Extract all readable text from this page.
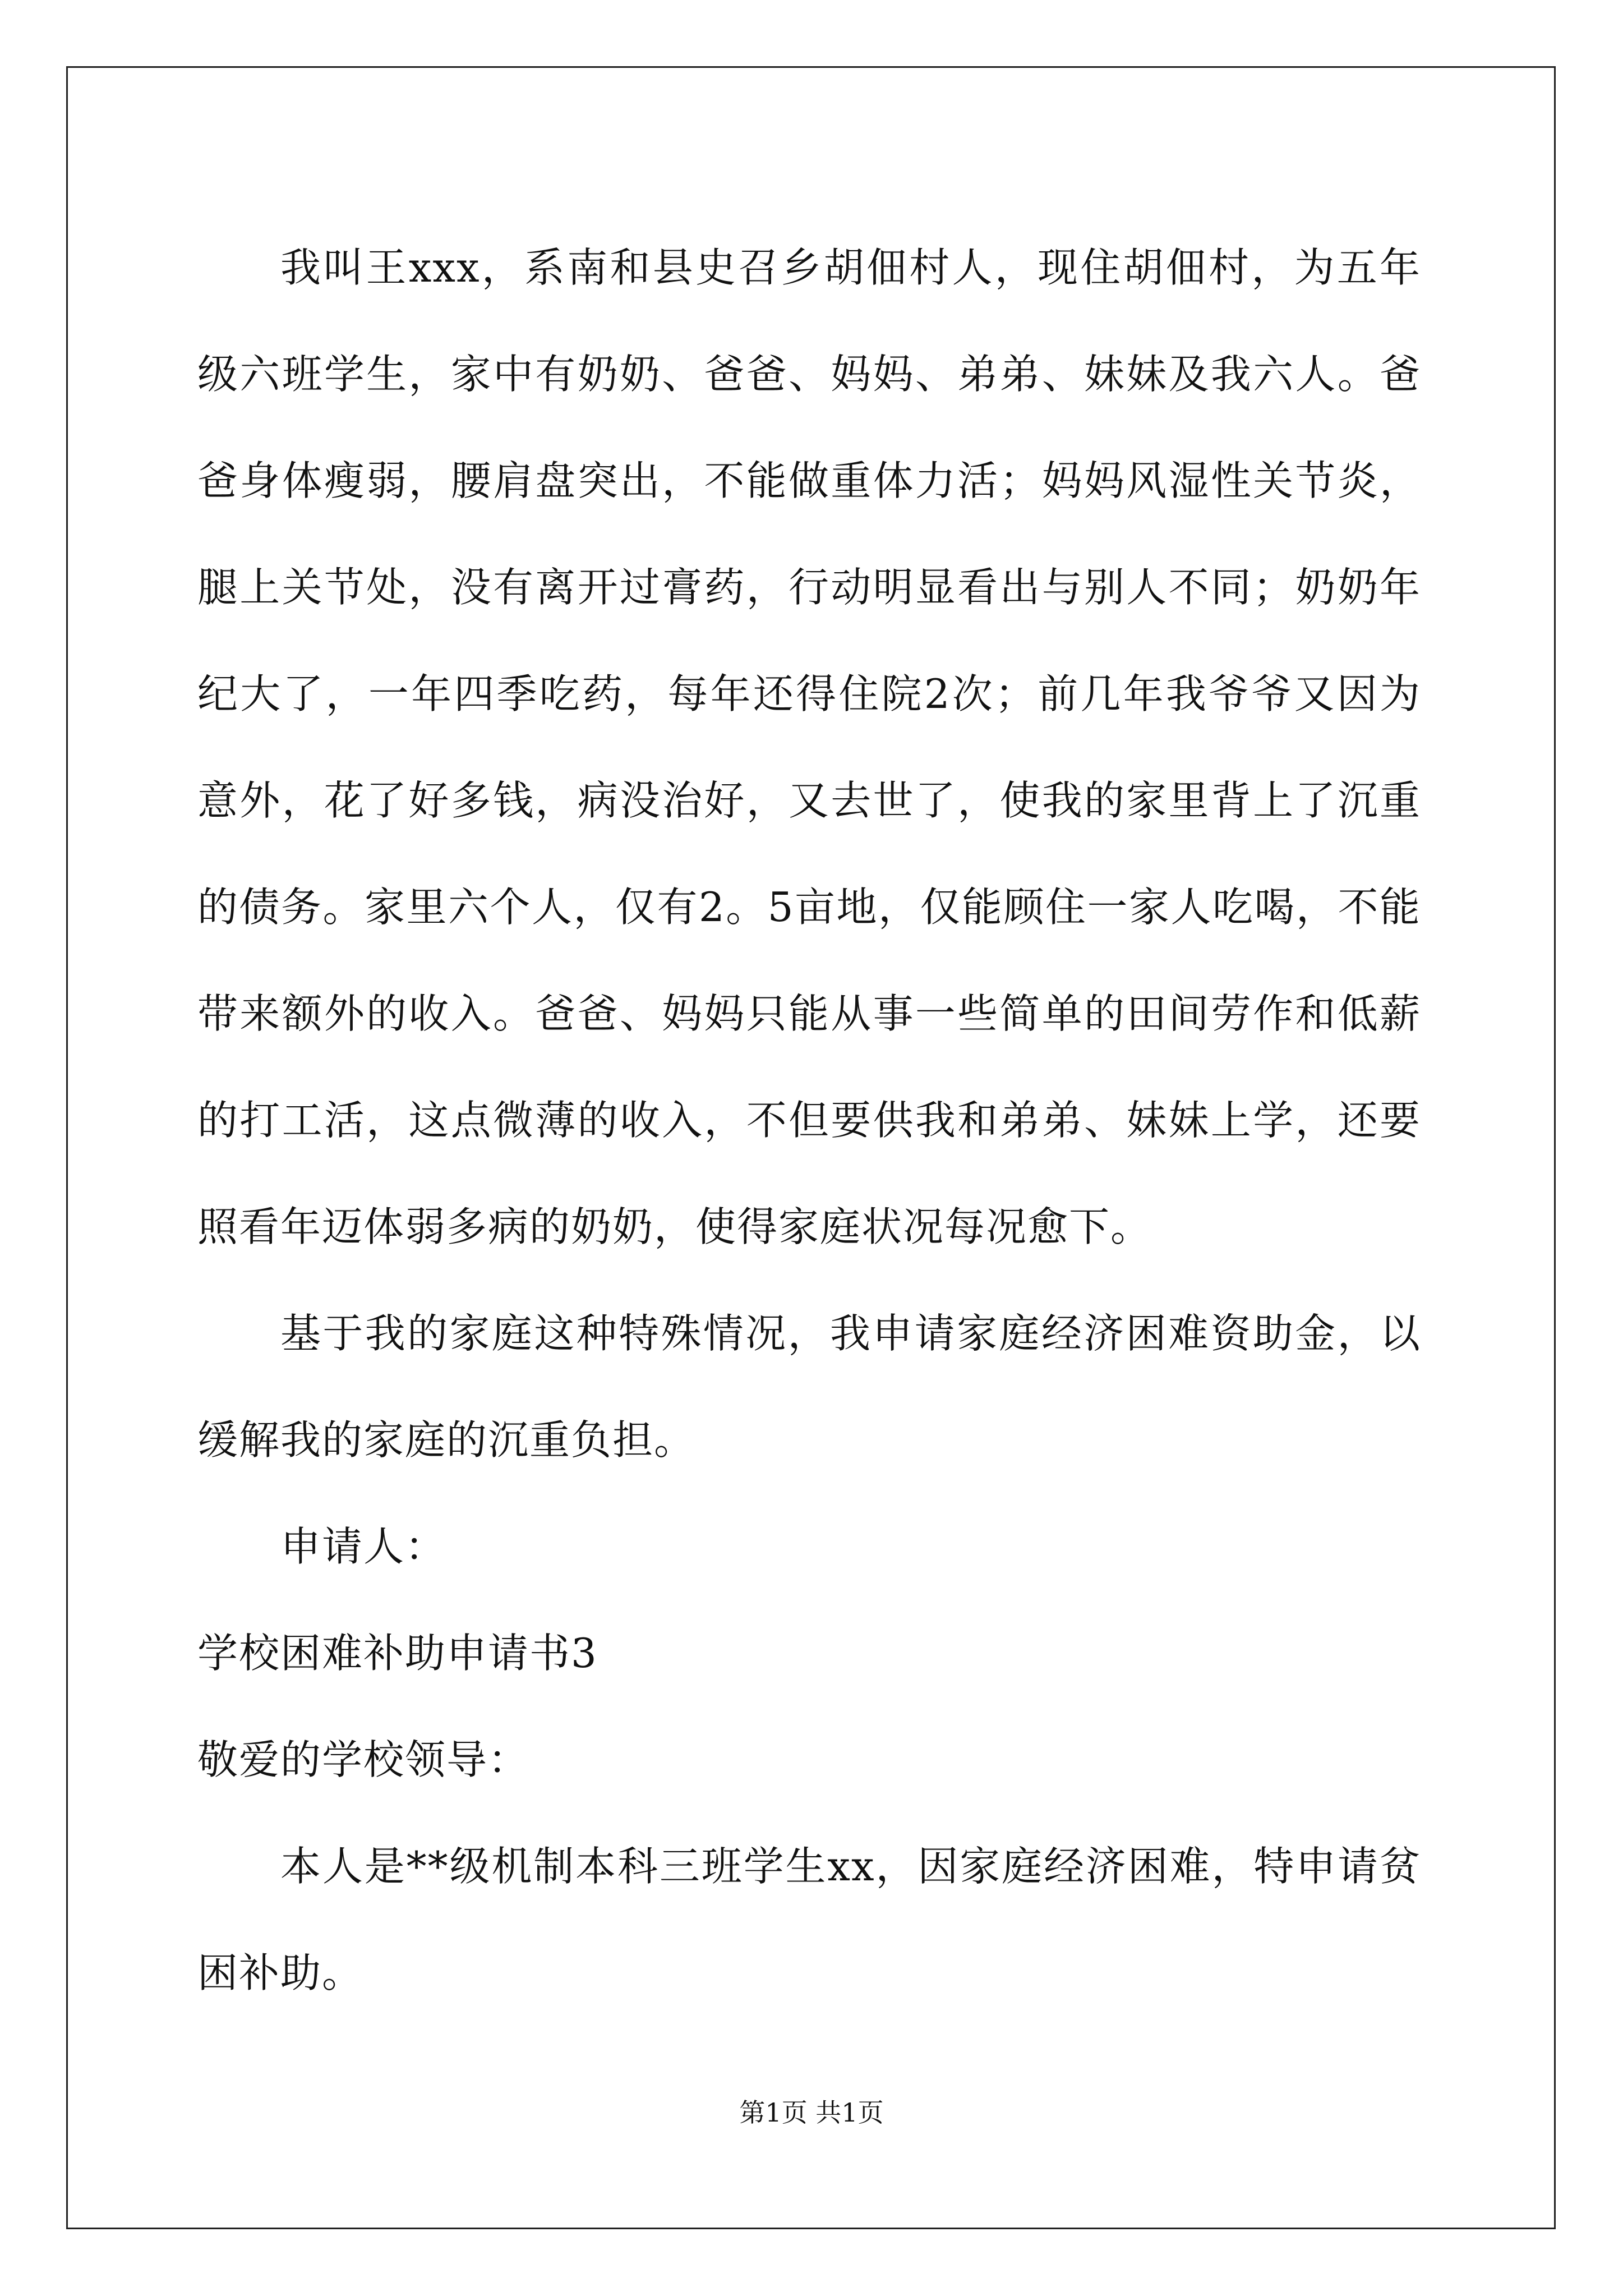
我叫王xxx，系南和县史召乡胡佃村人，现住胡佃村，为五年级六班学生，家中有奶奶、爸爸、妈妈、弟弟、妹妹及我六人。爸爸身体瘦弱，腰肩盘突出，不能做重体力活；妈妈风湿性关节炎，腿上关节处，没有离开过膏药，行动明显看出与别人不同；奶奶年纪大了，一年四季吃药，每年还得住院2次；前几年我爷爷又因为意外，花了好多钱，病没治好，又去世了，使我的家里背上了沉重的债务。家里六个人，仅有2。5亩地，仅能顾住一家人吃喝，不能带来额外的收入。爸爸、妈妈只能从事一些简单的田间劳作和低薪的打工活，这点微薄的收入，不但要供我和弟弟、妹妹上学，还要照看年迈体弱多病的奶奶，使得家庭状况每况愈下。

基于我的家庭这种特殊情况，我申请家庭经济困难资助金，以缓解我的家庭的沉重负担。

申请人：

学校困难补助申请书3

敬爱的学校领导：

本人是**级机制本科三班学生xx，因家庭经济困难，特申请贫困补助。

第1页 共1页
